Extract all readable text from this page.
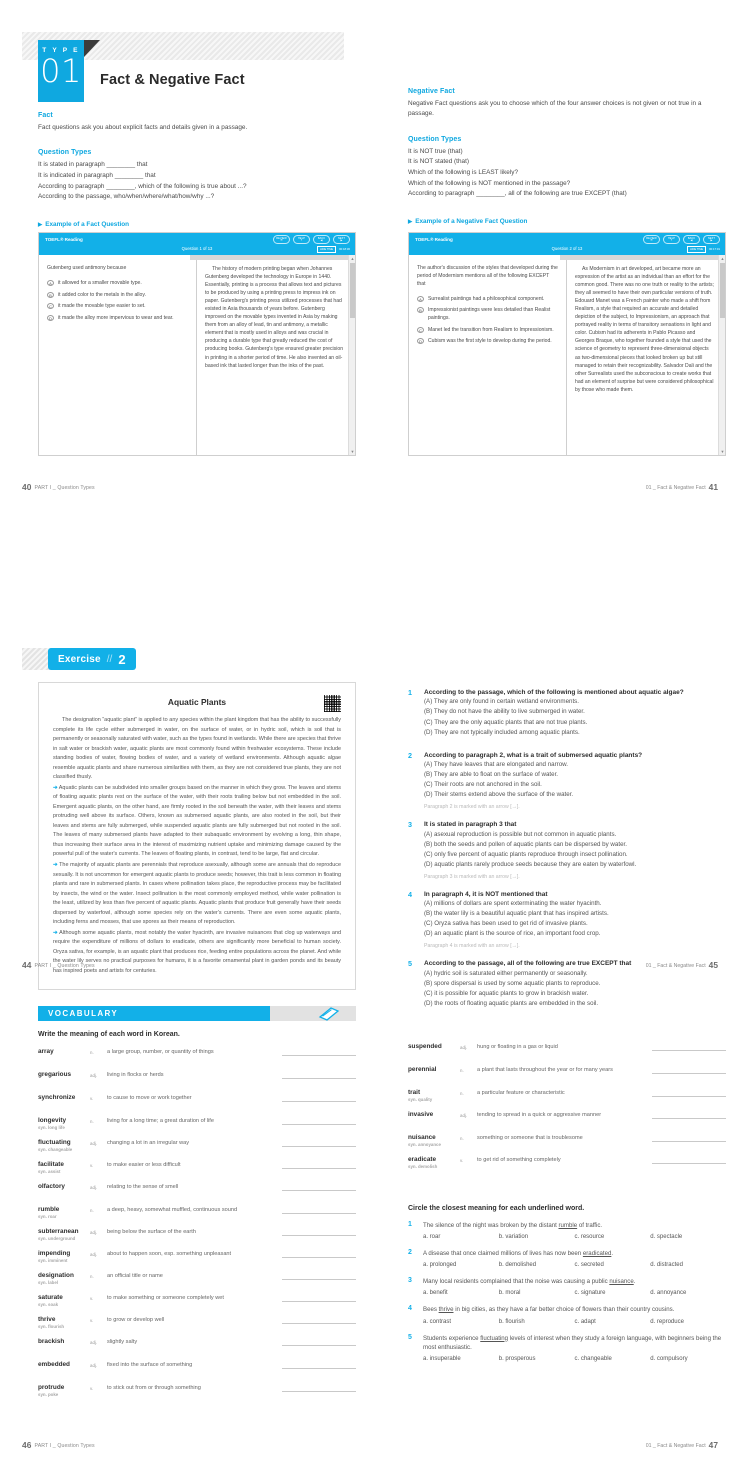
T Y P E
01 Fact & Negative Fact
Fact
Fact questions ask you about explicit facts and details given in a passage.
Question Types
It is stated in paragraph ________ that
It is indicated in paragraph ________ that
According to paragraph ________, which of the following is true about ...?
According to the passage, who/when/where/what/how/why ...?
▶ Example of a Fact Question
TOEFL® Reading
Question 1 of 13
REVIEW
☰
HELP
?
BACK
◀
NEXT
▶
HIDE TIME	00:18:30
Gutenberg used antimony because
A	it allowed for a smaller movable type.
B	it added color to the metals in the alloy.
C	it made the movable type easier to set.
D	it made the alloy more impervious to wear and tear.
The history of modern printing began when Johannes Gutenberg developed the technology in Europe in 1440. Essentially, printing is a process that allows text and pictures to be produced by using a printing press to impress ink on paper. Gutenberg's printing press utilized processes that had existed in Asia thousands of years before. Gutenberg improved on the movable types invented in Asia by making them from an alloy of lead, tin and antimony, a metallic element that is mostly used in alloys and was crucial in producing a durable type that greatly reduced the cost of producing books. Gutenberg's type ensured greater precision in printing in a shorter period of time. He also invented an oil-based ink that lasted longer than the inks of the past.
▲
▼
Negative Fact
Negative Fact questions ask you to choose which of the four answer choices is not given or not true in a passage.
Question Types
It is NOT true (that)
It is NOT stated (that)
Which of the following is LEAST likely?
Which of the following is NOT mentioned in the passage?
According to paragraph ________, all of the following are true EXCEPT (that)
▶ Example of a Negative Fact Question
TOEFL® Reading
Question 2 of 13
REVIEW
☰
HELP
?
BACK
◀
NEXT
▶
HIDE TIME	00:17:01
The author's discussion of the styles that developed during the period of Modernism mentions all of the following EXCEPT that
A	Surrealist paintings had a philosophical component.
B	Impressionist paintings were less detailed than Realist paintings.
C	Manet led the transition from Realism to Impressionism.
D	Cubism was the first style to develop during the period.
As Modernism in art developed, art became more an expression of the artist as an individual than an effort for the common good. There was no one truth or reality to the artists; they all seemed to have their own particular versions of truth. Edouard Manet was a French painter who made a shift from Realism, a style that required an accurate and detailed depiction of the subject, to Impressionism, an approach that portrayed reality in terms of transitory sensations in light and color. Cubism had its adherents in Pablo Picasso and Georges Braque, who together founded a style that used the science of geometry to represent three-dimensional objects as two-dimensional pieces that looked broken up but still managed to retain their recognizability. Salvador Dali and the other Surrealists used the subconscious to create works that had an element of surprise but were considered philosophical by those who made them.
▲
▼
40 PART I _ Question Types	01 _ Fact & Negative Fact 41
Exercise // 2
Aquatic Plants
The designation “aquatic plant” is applied to any species within the plant kingdom that has the ability to successfully complete its life cycle either submerged in water, on the surface of water, or in hydric soil, which is soil that is permanently or seasonally saturated with water, such as the types found in wetlands. While there are species that thrive in salt water or brackish water, aquatic plants are most commonly found within freshwater ecosystems. These include standing bodies of water, flowing bodies of water, and a variety of wetland environments. Although aquatic algae resemble aquatic plants and share numerous similarities with them, as they are not considered true plants, they are not classified thusly.
➔ Aquatic plants can be subdivided into smaller groups based on the manner in which they grow. The leaves and stems of floating aquatic plants rest on the surface of the water, with their roots trailing below but not embedded in the soil. Emergent aquatic plants, on the other hand, are firmly rooted in the soil beneath the water, with their leaves and stems protruding well above its surface. Others, known as submersed aquatic plants, are also rooted in the soil, but their leaves and stems are fully submerged, while suspended aquatic plants are fully submerged but not rooted in the soil. The leaves of many submersed plants have adapted to their subaquatic environment by evolving a long, thin shape, thus increasing their surface area in the interest of maximizing nutrient uptake and minimizing damage caused by the powerful pull of the water's currents. The leaves of floating plants, in contrast, tend to be large, flat and circular.
➔ The majority of aquatic plants are perennials that reproduce asexually, although some are annuals that do reproduce sexually. It is not uncommon for emergent aquatic plants to produce seeds; however, this trait is less common in floating plants and rare in submersed plants. In cases where pollination takes place, the reproductive process may be facilitated by insects, the wind or the water. Insect pollination is the most commonly employed method, while water pollination is the least, utilized by less than five percent of aquatic plants. Aquatic plants that produce fruit generally have their seeds dispersed by waterfowl, although some species rely on the water's currents. There are even some aquatic plants, including ferns and mosses, that use spores as their means of reproduction.
➔ Although some aquatic plants, most notably the water hyacinth, are invasive nuisances that clog up waterways and require the expenditure of millions of dollars to eradicate, others are significantly more beneficial to human society. Oryza sativa, for example, is an aquatic plant that produces rice, feeding entire populations across the planet. And while the water lily serves no practical purposes for humans, it is a favorite ornamental plant in garden ponds and its beauty has inspired poets and artists for centuries.
1	According to the passage, which of the following is mentioned about aquatic algae?
(A) They are only found in certain wetland environments.
(B) They do not have the ability to live submerged in water.
(C) They are the only aquatic plants that are not true plants.
(D) They are not typically included among aquatic plants.
2	According to paragraph 2, what is a trait of submersed aquatic plants?
(A) They have leaves that are elongated and narrow.
(B) They are able to float on the surface of water.
(C) Their roots are not anchored in the soil.
(D) Their stems extend above the surface of the water.
Paragraph 2 is marked with an arrow [→].
3	It is stated in paragraph 3 that
(A) asexual reproduction is possible but not common in aquatic plants.
(B) both the seeds and pollen of aquatic plants can be dispersed by water.
(C) only five percent of aquatic plants reproduce through insect pollination.
(D) aquatic plants rarely produce seeds because they are eaten by waterfowl.
Paragraph 3 is marked with an arrow [→].
4	In paragraph 4, it is NOT mentioned that
(A) millions of dollars are spent exterminating the water hyacinth.
(B) the water lily is a beautiful aquatic plant that has inspired artists.
(C) Oryza sativa has been used to get rid of invasive plants.
(D) an aquatic plant is the source of rice, an important food crop.
Paragraph 4 is marked with an arrow [→].
5	According to the passage, all of the following are true EXCEPT that
(A) hydric soil is saturated either permanently or seasonally.
(B) spore dispersal is used by some aquatic plants to reproduce.
(C) it is possible for aquatic plants to grow in brackish water.
(D) the roots of floating aquatic plants are embedded in the soil.
44 PART I _ Question Types	01 _ Fact & Negative Fact 45
VOCABULARY
Write the meaning of each word in Korean.
array	n.	a large group, number, or quantity of things
gregarious	adj.	living in flocks or herds
synchronize	v.	to cause to move or work together
longevity
syn. long life
n.	living for a long time; a great duration of life
fluctuating
syn. changeable
adj.	changing a lot in an irregular way
facilitate
syn. assist
v.	to make easier or less difficult
olfactory	adj.	relating to the sense of smell
rumble
syn. roar
n.	a deep, heavy, somewhat muffled, continuous sound
subterranean
syn. underground
adj.	being below the surface of the earth
impending
syn. imminent
adj.	about to happen soon, esp. something unpleasant
designation
syn. label
n.	an official title or name
saturate
syn. soak
v.	to make something or someone completely wet
thrive
syn. flourish
v.	to grow or develop well
brackish	adj.	slightly salty
embedded	adj.	fixed into the surface of something
protrude
syn. poke
v.	to stick out from or through something
suspended	adj.	hung or floating in a gas or liquid
perennial	n.	a plant that lasts throughout the year or for many years
trait
syn. quality
n.	a particular feature or characteristic
invasive	adj.	tending to spread in a quick or aggressive manner
nuisance
syn. annoyance
n.	something or someone that is troublesome
eradicate
syn. demolish
v.	to get rid of something completely
Circle the closest meaning for each underlined word.
1	The silence of the night was broken by the distant rumble of traffic.
a. roar	b. variation	c. resource	d. spectacle
2	A disease that once claimed millions of lives has now been eradicated.
a. prolonged	b. demolished	c. secreted	d. distracted
3	Many local residents complained that the noise was causing a public nuisance.
a. benefit	b. moral	c. signature	d. annoyance
4	Bees thrive in big cities, as they have a far better choice of flowers than their country cousins.
a. contrast	b. flourish	c. adapt	d. reproduce
5	Students experience fluctuating levels of interest when they study a foreign language, with beginners being the most enthusiastic.
a. insuperable	b. prosperous	c. changeable	d. compulsory
46 PART I _ Question Types	01 _ Fact & Negative Fact 47
